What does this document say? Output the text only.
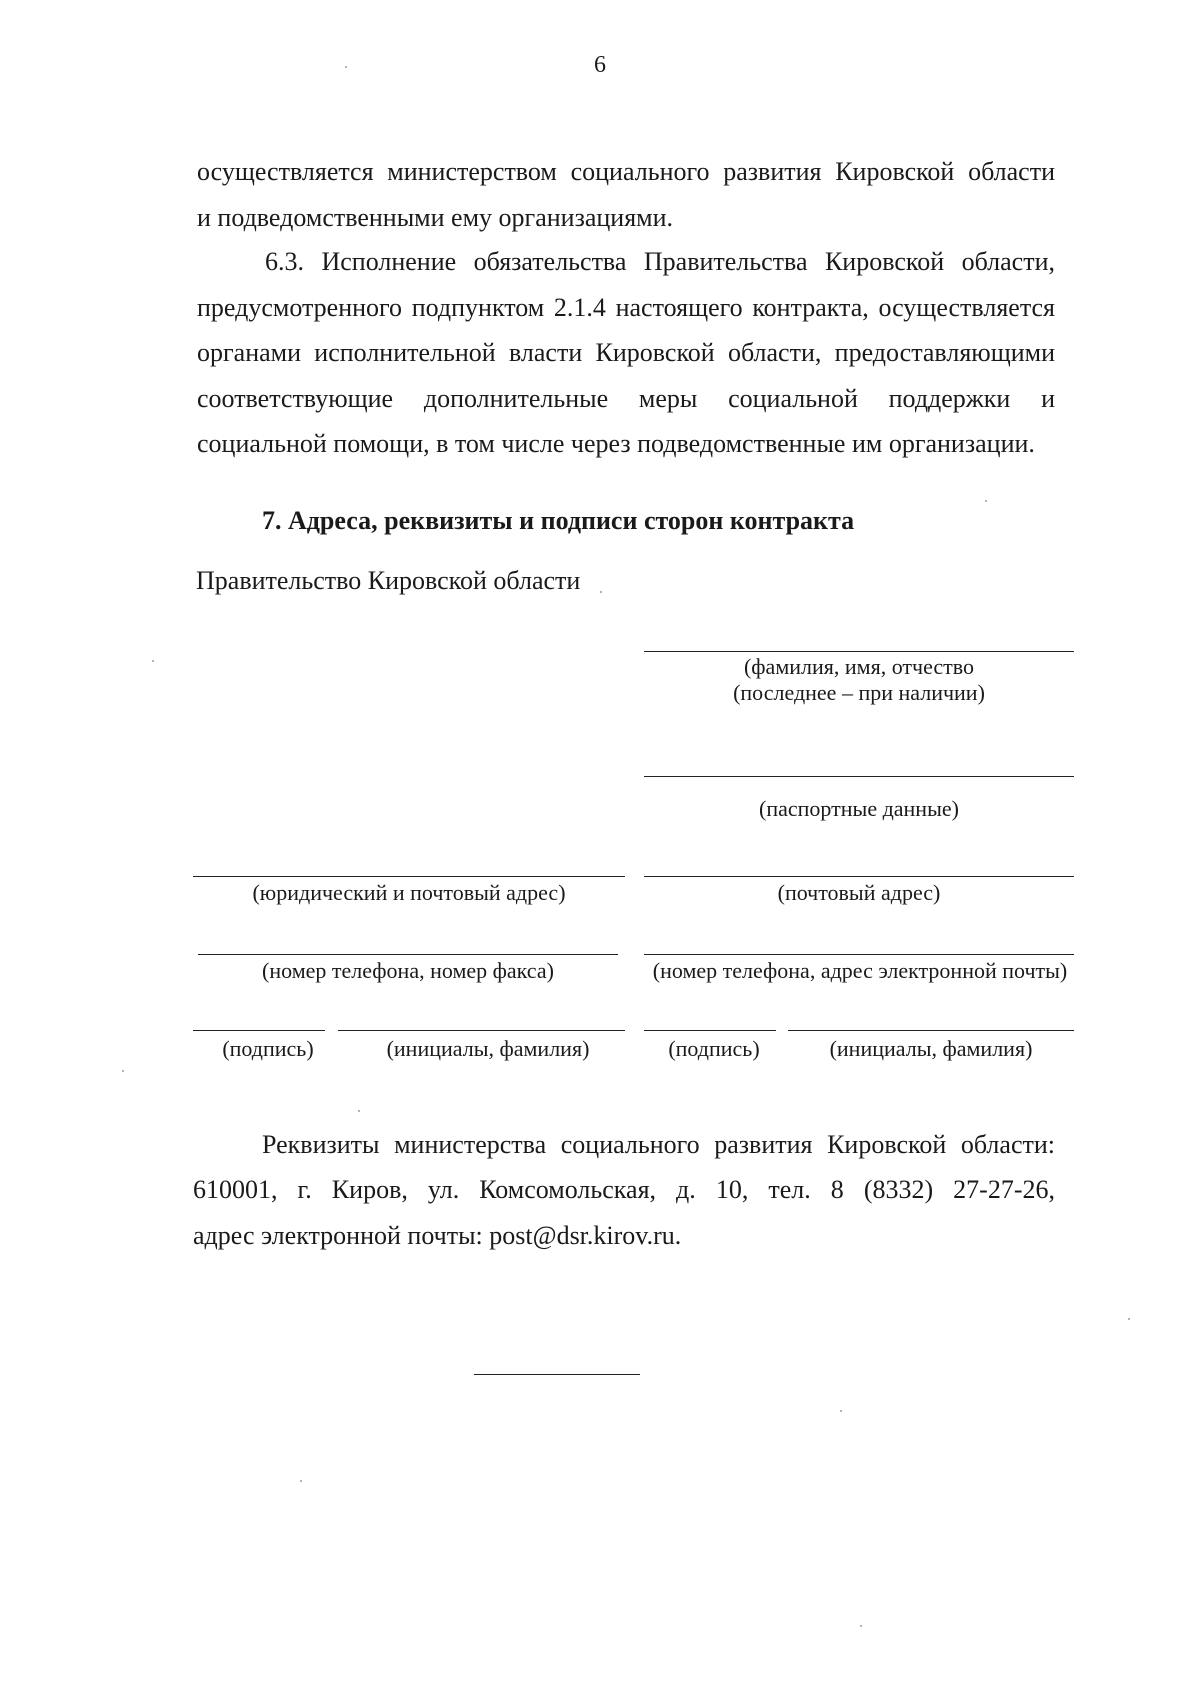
6
осуществляется министерством социального развития Кировской области
и подведомственными ему организациями.
6.3. Исполнение обязательства Правительства Кировской области,
предусмотренного подпунктом 2.1.4 настоящего контракта, осуществляется
органами исполнительной власти Кировской области, предоставляющими
соответствующие дополнительные меры социальной поддержки и
социальной помощи, в том числе через подведомственные им организации.
7. Адреса, реквизиты и подписи сторон контракта
Правительство Кировской области
(фамилия, имя, отчество
(последнее – при наличии)
(паспортные данные)
(юридический и почтовый адрес)	(почтовый адрес)
(номер телефона, номер факса)	(номер телефона, адрес электронной почты)
(подпись)	(инициалы, фамилия)	(подпись)	(инициалы, фамилия)
Реквизиты министерства социального развития Кировской области:
610001, г. Киров, ул. Комсомольская, д. 10, тел. 8 (8332) 27-27-26,
адрес электронной почты: post@dsr.kirov.ru.
